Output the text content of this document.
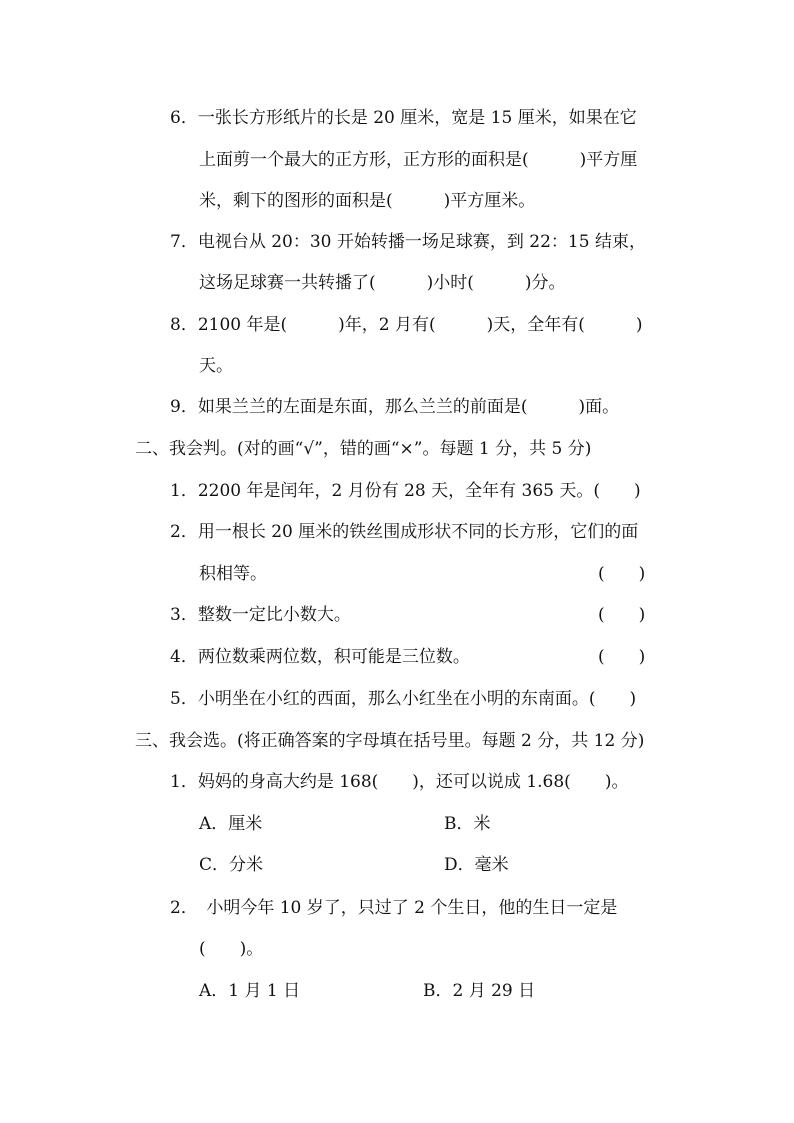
6．一张长方形纸片的长是 20 厘米，宽是 15 厘米，如果在它
上面剪一个最大的正方形，正方形的面积是(　　　)平方厘
米，剩下的图形的面积是(　　　)平方厘米。
7．电视台从 20：30 开始转播一场足球赛，到 22：15 结束，
这场足球赛一共转播了(　　　)小时(　　　)分。
8．2100 年是(　　　)年，2 月有(　　　)天，全年有(　　　)
天。
9．如果兰兰的左面是东面，那么兰兰的前面是(　　　)面。
二、我会判。(对的画“√”，错的画“×”。每题 1 分，共 5 分)
1．2200 年是闰年，2 月份有 28 天，全年有 365 天。(　　)
2．用一根长 20 厘米的铁丝围成形状不同的长方形，它们的面
积相等。	(　　)
3．整数一定比小数大。	(　　)
4．两位数乘两位数，积可能是三位数。	(　　)
5．小明坐在小红的西面，那么小红坐在小明的东南面。(　　)
三、我会选。(将正确答案的字母填在括号里。每题 2 分，共 12 分)
1．妈妈的身高大约是 168(　　)，还可以说成 1.68(　　)。
A．厘米	B．米
C．分米	D．毫米
2．　小明今年 10 岁了，只过了 2 个生日，他的生日一定是
(　　)。
A．1 月 1 日	B．2 月 29 日
